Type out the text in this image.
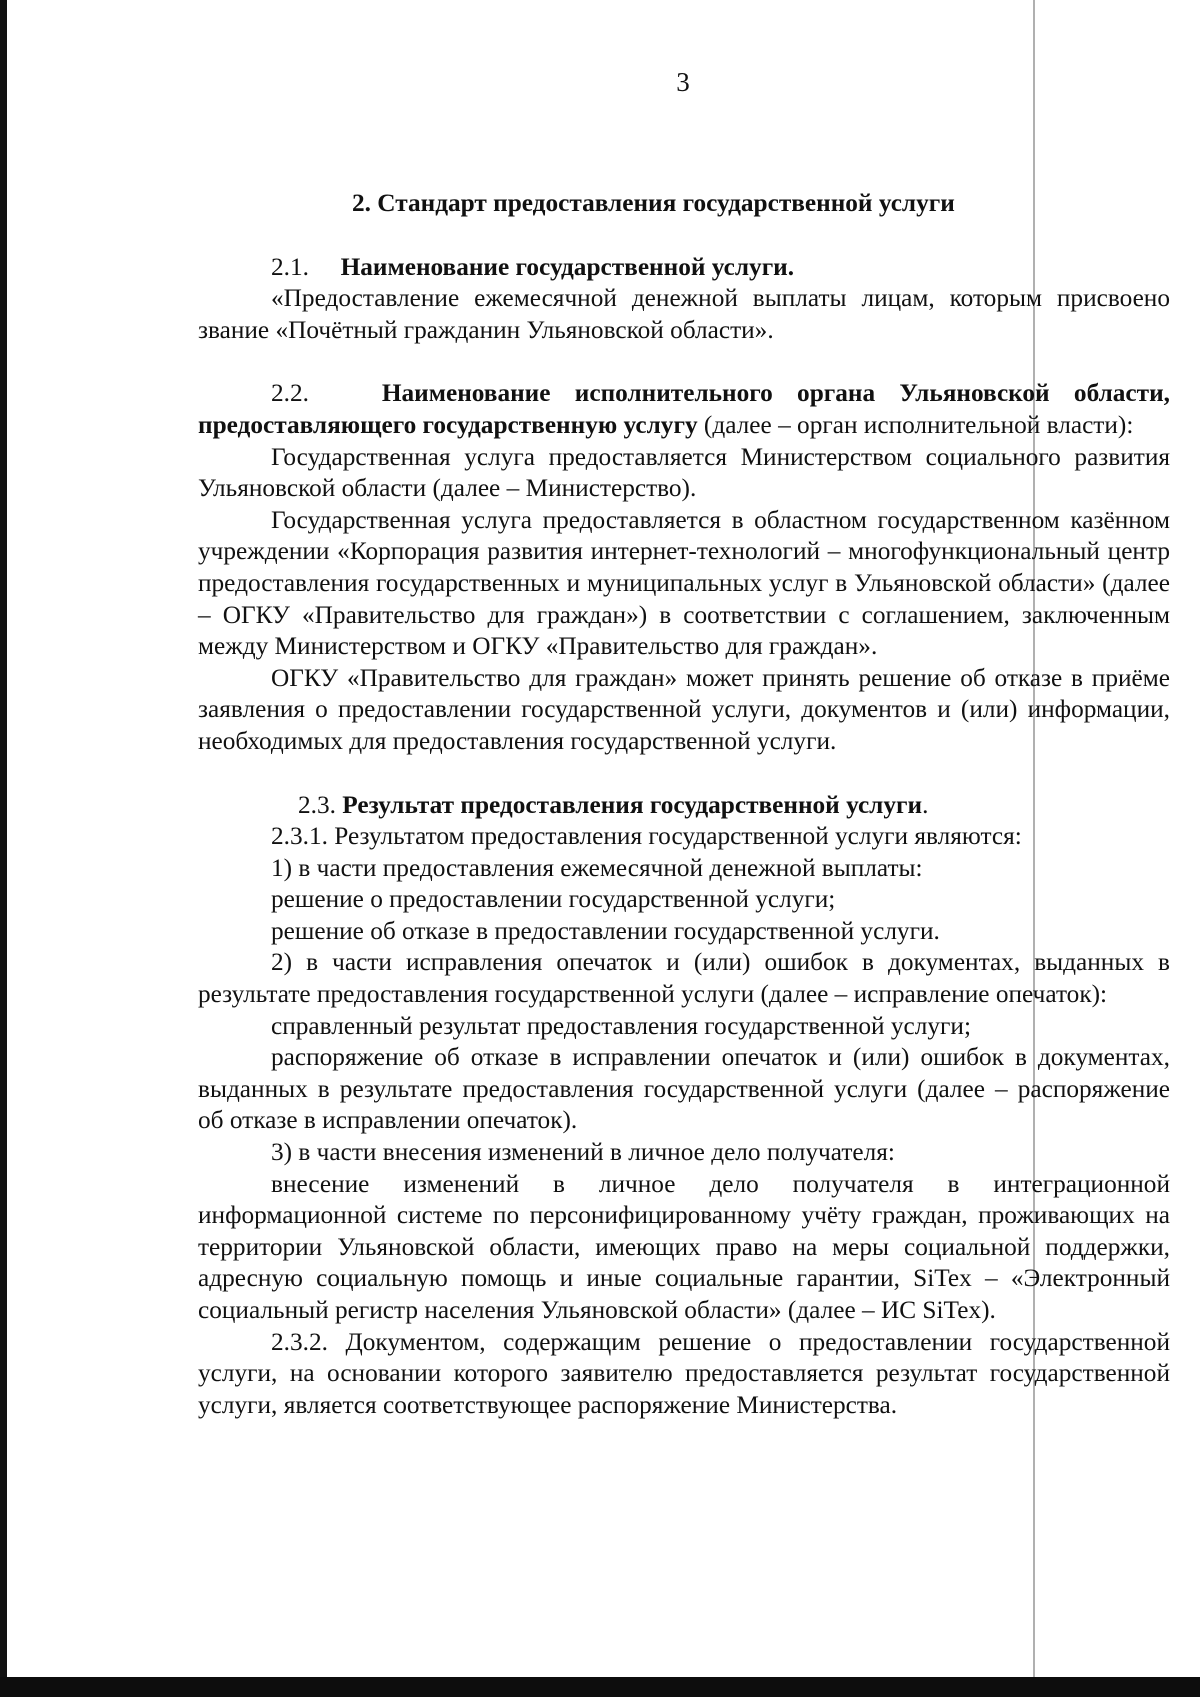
3

2. Стандарт предоставления государственной услуги

2.1. Наименование государственной услуги.

«Предоставление ежемесячной денежной выплаты лицам, которым присвоено звание «Почётный гражданин Ульяновской области».

2.2.	Наименование исполнительного органа Ульяновской области, предоставляющего государственную услугу (далее – орган исполнительной власти):

Государственная услуга предоставляется Министерством социального развития Ульяновской области (далее – Министерство).

Государственная услуга предоставляется в областном государственном казённом учреждении «Корпорация развития интернет-технологий – многофункциональный центр предоставления государственных и муниципальных услуг в Ульяновской области» (далее – ОГКУ «Правительство для граждан») в соответствии с соглашением, заключенным между Министерством и ОГКУ «Правительство для граждан».

ОГКУ «Правительство для граждан» может принять решение об отказе в приёме заявления о предоставлении государственной услуги, документов и (или) информации, необходимых для предоставления государственной услуги.

2.3. Результат предоставления государственной услуги.

2.3.1. Результатом предоставления государственной услуги являются:

1) в части предоставления ежемесячной денежной выплаты:

решение о предоставлении государственной услуги;

решение об отказе в предоставлении государственной услуги.

2) в части исправления опечаток и (или) ошибок в документах, выданных в результате предоставления государственной услуги (далее – исправление опечаток):

справленный результат предоставления государственной услуги;

распоряжение об отказе в исправлении опечаток и (или) ошибок в документах, выданных в результате предоставления государственной услуги (далее – распоряжение об отказе в исправлении опечаток).

3) в части внесения изменений в личное дело получателя:

внесение изменений в личное дело получателя в интеграционной информационной системе по персонифицированному учёту граждан, проживающих на территории Ульяновской области, имеющих право на меры социальной поддержки, адресную социальную помощь и иные социальные гарантии, SiTex – «Электронный социальный регистр населения Ульяновской области» (далее – ИС SiTex).

2.3.2. Документом, содержащим решение о предоставлении государственной услуги, на основании которого заявителю предоставляется результат государственной услуги, является соответствующее распоряжение Министерства.
